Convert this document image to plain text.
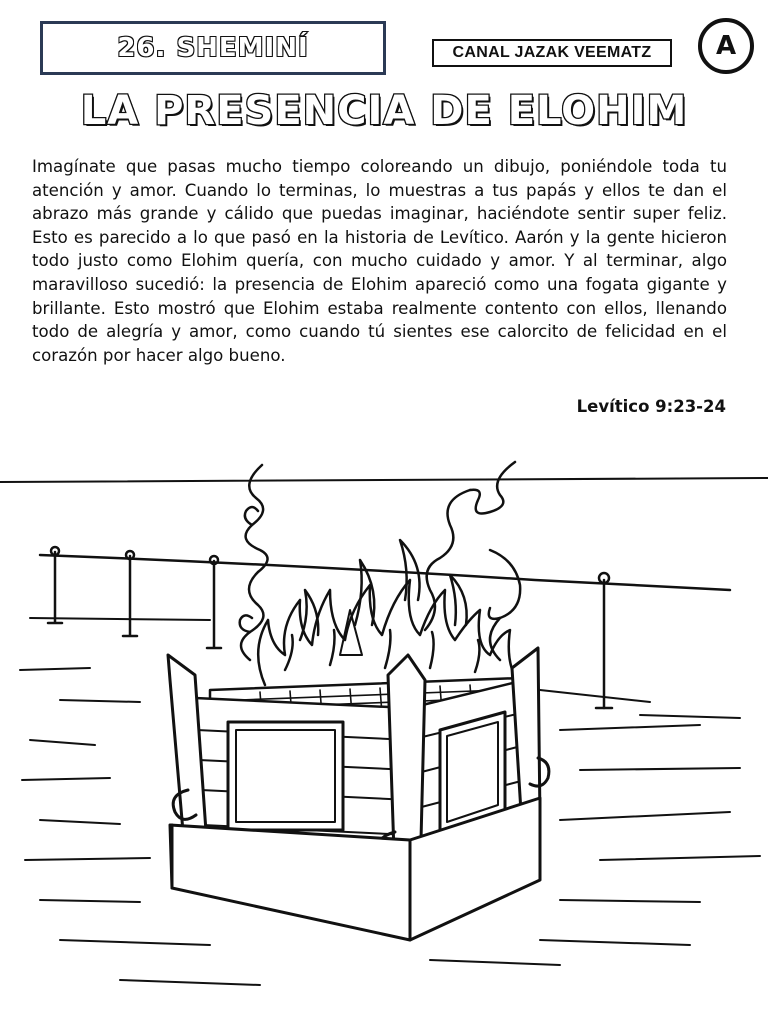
26. SHEMINÍ	CANAL JAZAK VEEMATZ A
LA PRESENCIA DE ELOHIM

Imagínate que pasas mucho tiempo coloreando un dibujo, poniéndole toda tu atención y amor. Cuando lo terminas, lo muestras a tus papás y ellos te dan el abrazo más grande y cálido que puedas imaginar, haciéndote sentir super feliz. Esto es parecido a lo que pasó en la historia de Levítico. Aarón y la gente hicieron todo justo como Elohim quería, con mucho cuidado y amor. Y al terminar, algo maravilloso sucedió: la presencia de Elohim apareció como una fogata gigante y brillante. Esto mostró que Elohim estaba realmente contento con ellos, llenando todo de alegría y amor, como cuando tú sientes ese calorcito de felicidad en el corazón por hacer algo bueno.

Levítico 9:23-24
